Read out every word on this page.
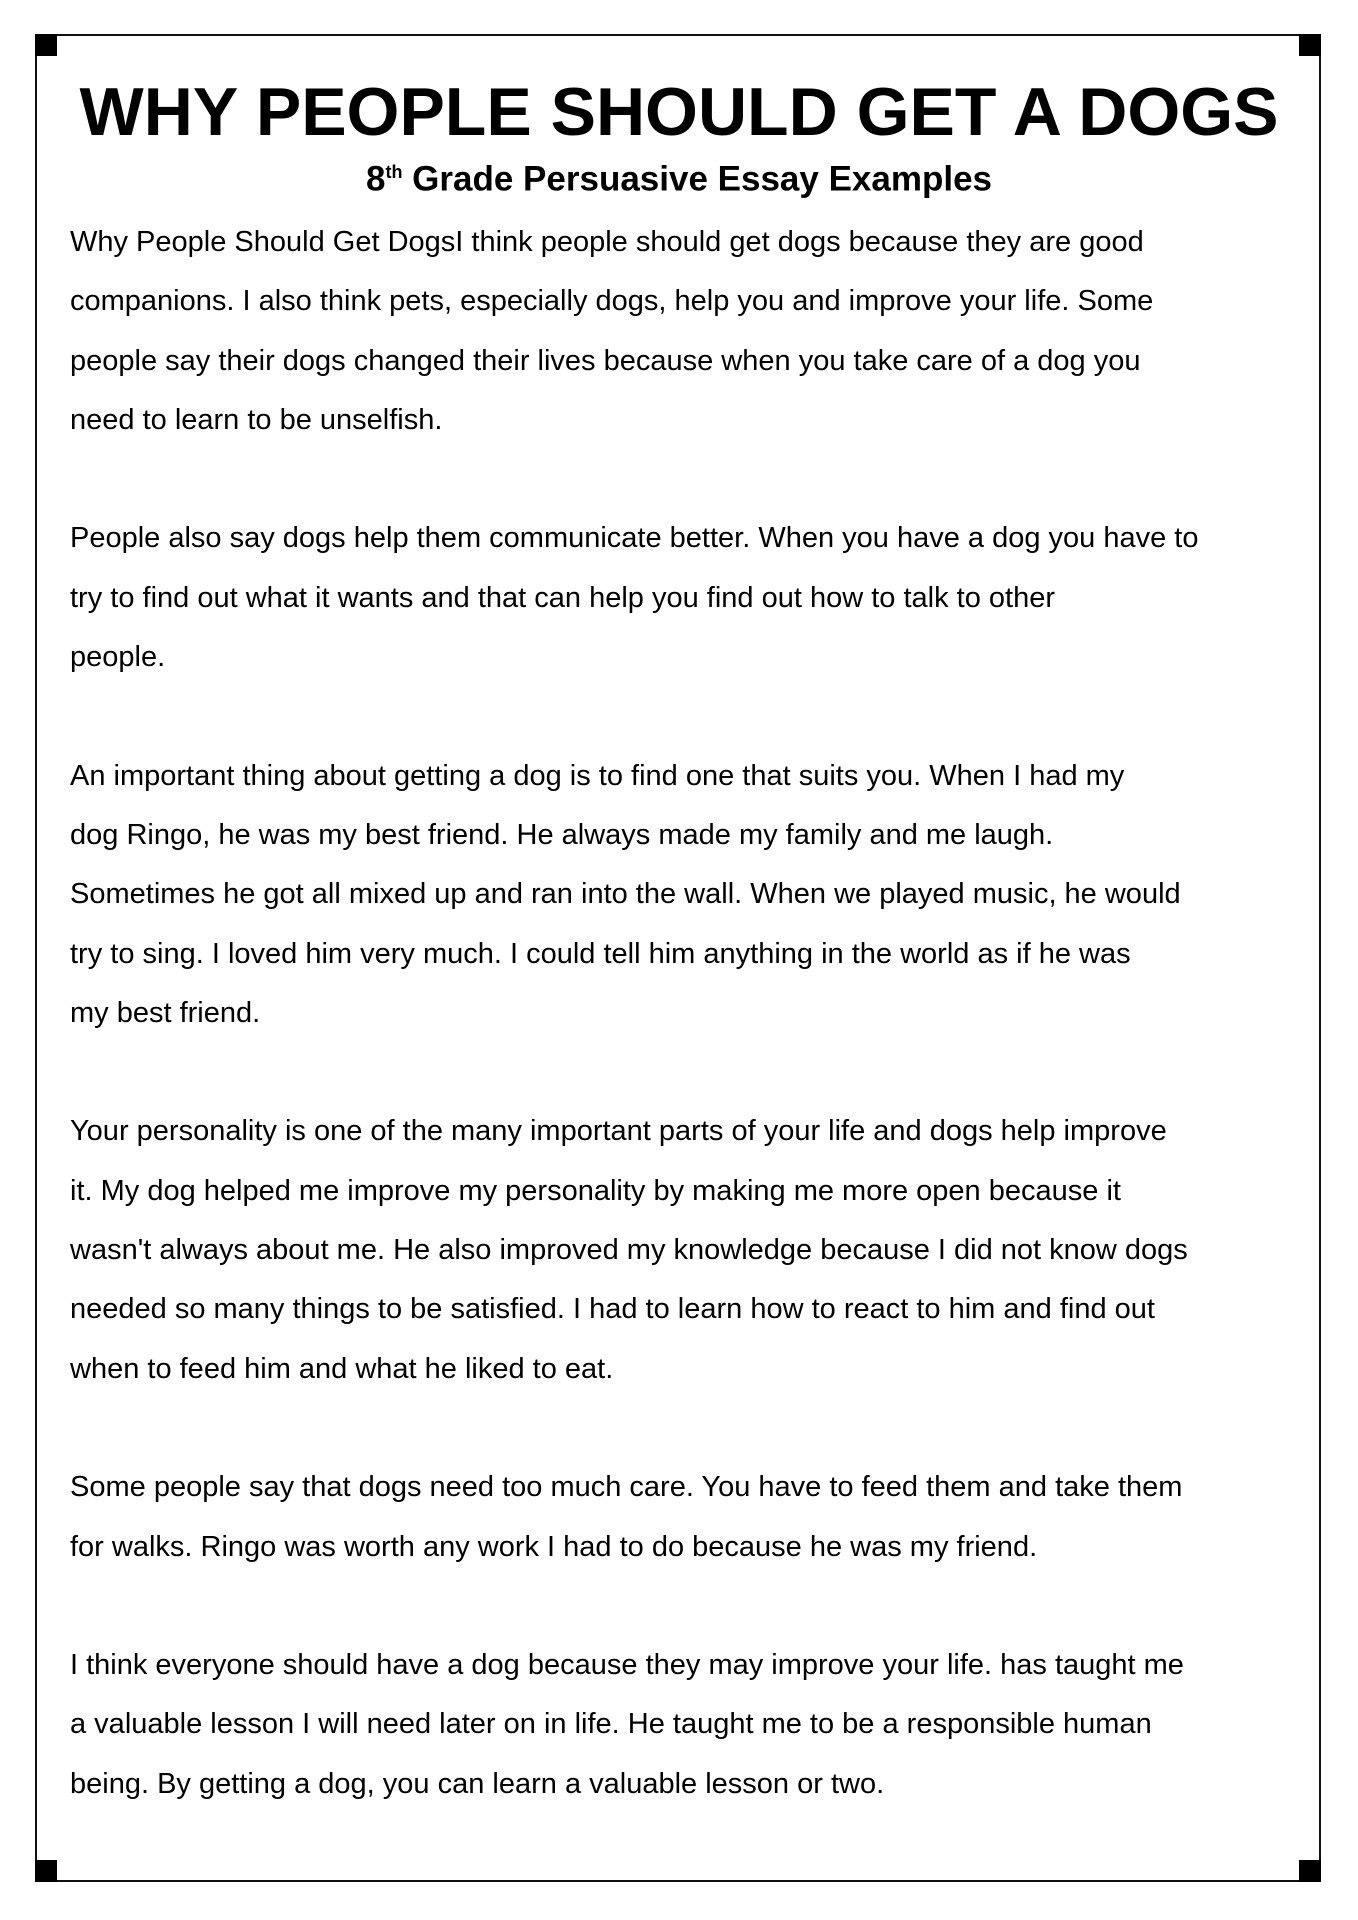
WHY PEOPLE SHOULD GET A DOGS
8th Grade Persuasive Essay Examples

Why People Should Get DogsI think people should get dogs because they are good
companions. I also think pets, especially dogs, help you and improve your life. Some
people say their dogs changed their lives because when you take care of a dog you
need to learn to be unselfish.

People also say dogs help them communicate better. When you have a dog you have to
try to find out what it wants and that can help you find out how to talk to other
people.

An important thing about getting a dog is to find one that suits you. When I had my
dog Ringo, he was my best friend. He always made my family and me laugh.
Sometimes he got all mixed up and ran into the wall. When we played music, he would
try to sing. I loved him very much. I could tell him anything in the world as if he was
my best friend.

Your personality is one of the many important parts of your life and dogs help improve
it. My dog helped me improve my personality by making me more open because it
wasn't always about me. He also improved my knowledge because I did not know dogs
needed so many things to be satisfied. I had to learn how to react to him and find out
when to feed him and what he liked to eat.

Some people say that dogs need too much care. You have to feed them and take them
for walks. Ringo was worth any work I had to do because he was my friend.

I think everyone should have a dog because they may improve your life. has taught me
a valuable lesson I will need later on in life. He taught me to be a responsible human
being. By getting a dog, you can learn a valuable lesson or two.
